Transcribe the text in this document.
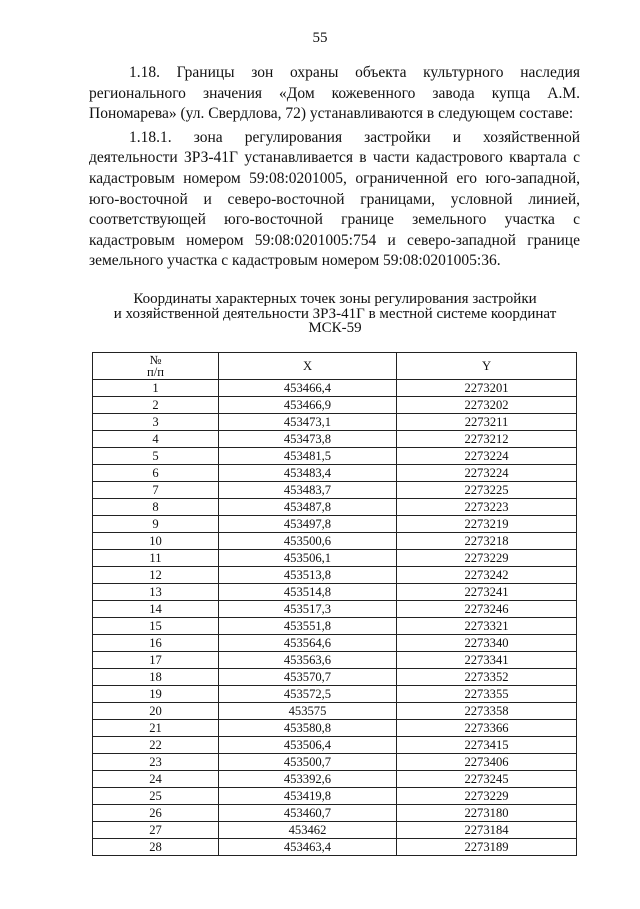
55

1.18. Границы зон охраны объекта культурного наследия регионального значения «Дом кожевенного завода купца А.М. Пономарева» (ул. Свердлова, 72) устанавливаются в следующем составе:

1.18.1. зона регулирования застройки и хозяйственной деятельности ЗРЗ-41Г устанавливается в части кадастрового квартала с кадастровым номером 59:08:0201005, ограниченной его юго-западной, юго-восточной и северо-восточной границами, условной линией, соответствующей юго-восточной границе земельного участка с кадастровым номером 59:08:0201005:754 и северо-западной границе земельного участка с кадастровым номером 59:08:0201005:36.

Координаты характерных точек зоны регулирования застройки
и хозяйственной деятельности ЗРЗ-41Г в местной системе координат
МСК-59
№
п/п	X	Y
1	453466,4	2273201
2	453466,9	2273202
3	453473,1	2273211
4	453473,8	2273212
5	453481,5	2273224
6	453483,4	2273224
7	453483,7	2273225
8	453487,8	2273223
9	453497,8	2273219
10	453500,6	2273218
11	453506,1	2273229
12	453513,8	2273242
13	453514,8	2273241
14	453517,3	2273246
15	453551,8	2273321
16	453564,6	2273340
17	453563,6	2273341
18	453570,7	2273352
19	453572,5	2273355
20	453575	2273358
21	453580,8	2273366
22	453506,4	2273415
23	453500,7	2273406
24	453392,6	2273245
25	453419,8	2273229
26	453460,7	2273180
27	453462	2273184
28	453463,4	2273189
